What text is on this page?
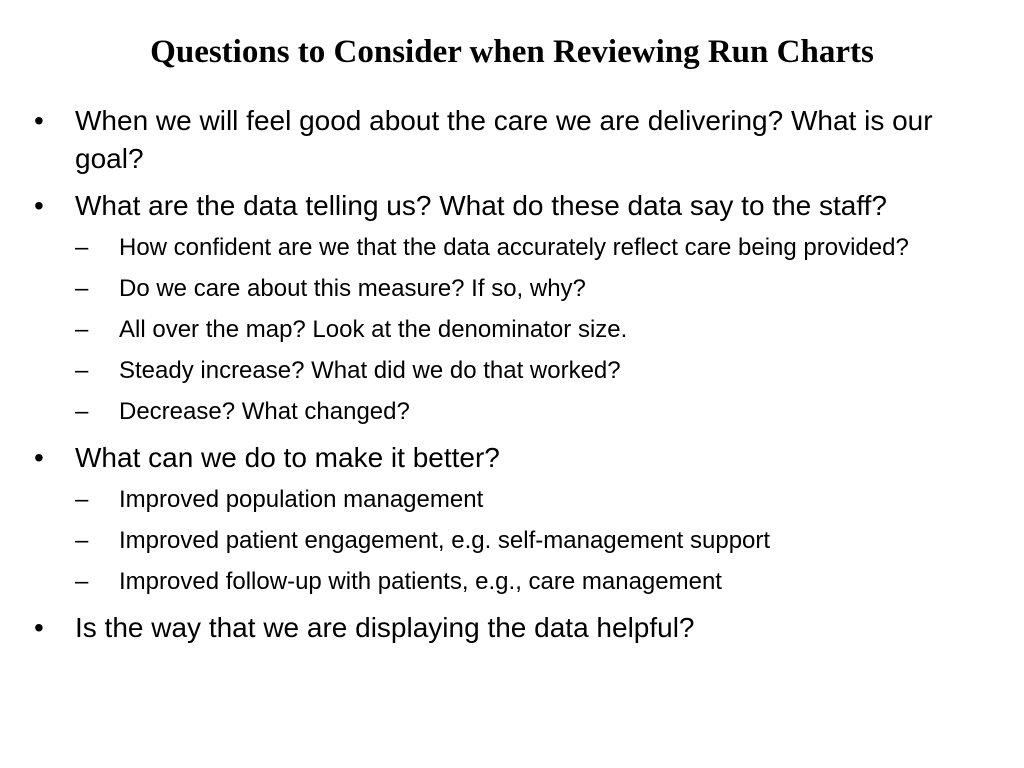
Questions to Consider when Reviewing Run Charts
•	When we will feel good about the care we are delivering? What is our goal?
•	What are the data telling us? What do these data say to the staff?
– How confident are we that the data accurately reflect care being provided?
– Do we care about this measure? If so, why?
– All over the map? Look at the denominator size.
– Steady increase? What did we do that worked?
– Decrease? What changed?
•	What can we do to make it better?
– Improved population management
– Improved patient engagement, e.g. self-management support
– Improved follow-up with patients, e.g., care management
•	Is the way that we are displaying the data helpful?
